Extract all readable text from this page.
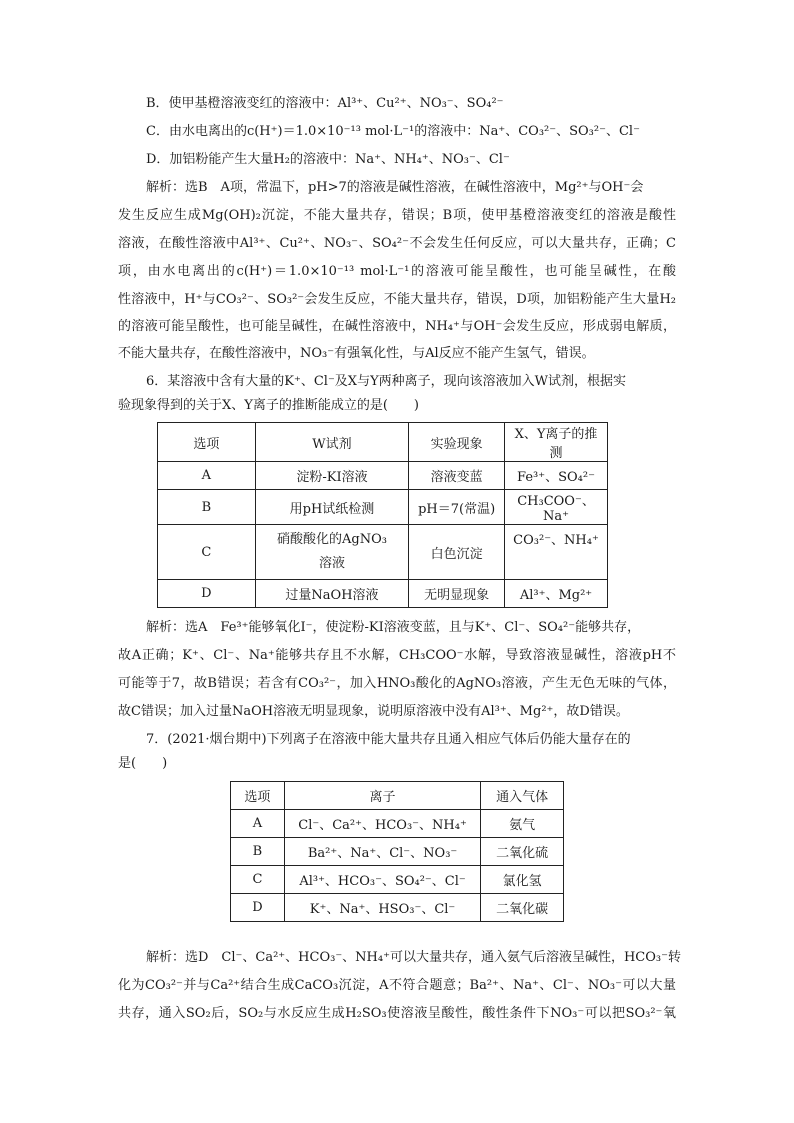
B．使甲基橙溶液变红的溶液中：Al³⁺、Cu²⁺、NO₃⁻、SO₄²⁻
C．由水电离出的c(H⁺)＝1.0×10⁻¹³ mol·L⁻¹的溶液中：Na⁺、CO₃²⁻、SO₃²⁻、Cl⁻
D．加铝粉能产生大量H₂的溶液中：Na⁺、NH₄⁺、NO₃⁻、Cl⁻
解析：选B　A项，常温下，pH>7的溶液是碱性溶液，在碱性溶液中，Mg²⁺与OH⁻会
发生反应生成Mg(OH)₂沉淀，不能大量共存，错误；B项，使甲基橙溶液变红的溶液是酸性
溶液，在酸性溶液中Al³⁺、Cu²⁺、NO₃⁻、SO₄²⁻不会发生任何反应，可以大量共存，正确；C
项，由水电离出的c(H⁺)＝1.0×10⁻¹³ mol·L⁻¹的溶液可能呈酸性，也可能呈碱性，在酸
性溶液中，H⁺与CO₃²⁻、SO₃²⁻会发生反应，不能大量共存，错误，D项，加铝粉能产生大量H₂
的溶液可能呈酸性，也可能呈碱性，在碱性溶液中，NH₄⁺与OH⁻会发生反应，形成弱电解质，
不能大量共存，在酸性溶液中，NO₃⁻有强氧化性，与Al反应不能产生氢气，错误。
6．某溶液中含有大量的K⁺、Cl⁻及X与Y两种离子，现向该溶液加入W试剂，根据实
验现象得到的关于X、Y离子的推断能成立的是(　　)
选项	W试剂	实验现象	X、Y离子的推测
A	淀粉-KI溶液	溶液变蓝	Fe³⁺、SO₄²⁻
B	用pH试纸检测	pH＝7(常温)	CH₃COO⁻、Na⁺
C	硝酸酸化的AgNO₃
溶液	白色沉淀	CO₃²⁻、NH₄⁺
D	过量NaOH溶液	无明显现象	Al³⁺、Mg²⁺
解析：选A　Fe³⁺能够氧化I⁻，使淀粉-KI溶液变蓝，且与K⁺、Cl⁻、SO₄²⁻能够共存，
故A正确；K⁺、Cl⁻、Na⁺能够共存且不水解，CH₃COO⁻水解，导致溶液显碱性，溶液pH不
可能等于7，故B错误；若含有CO₃²⁻，加入HNO₃酸化的AgNO₃溶液，产生无色无味的气体，
故C错误；加入过量NaOH溶液无明显现象，说明原溶液中没有Al³⁺、Mg²⁺，故D错误。
7．(2021·烟台期中)下列离子在溶液中能大量共存且通入相应气体后仍能大量存在的
是(　　)
选项	离子	通入气体
A	Cl⁻、Ca²⁺、HCO₃⁻、NH₄⁺	氨气
B	Ba²⁺、Na⁺、Cl⁻、NO₃⁻	二氧化硫
C	Al³⁺、HCO₃⁻、SO₄²⁻、Cl⁻	氯化氢
D	K⁺、Na⁺、HSO₃⁻、Cl⁻	二氧化碳
解析：选D　Cl⁻、Ca²⁺、HCO₃⁻、NH₄⁺可以大量共存，通入氨气后溶液呈碱性，HCO₃⁻转
化为CO₃²⁻并与Ca²⁺结合生成CaCO₃沉淀，A不符合题意；Ba²⁺、Na⁺、Cl⁻、NO₃⁻可以大量
共存，通入SO₂后，SO₂与水反应生成H₂SO₃使溶液呈酸性，酸性条件下NO₃⁻可以把SO₃²⁻氧
